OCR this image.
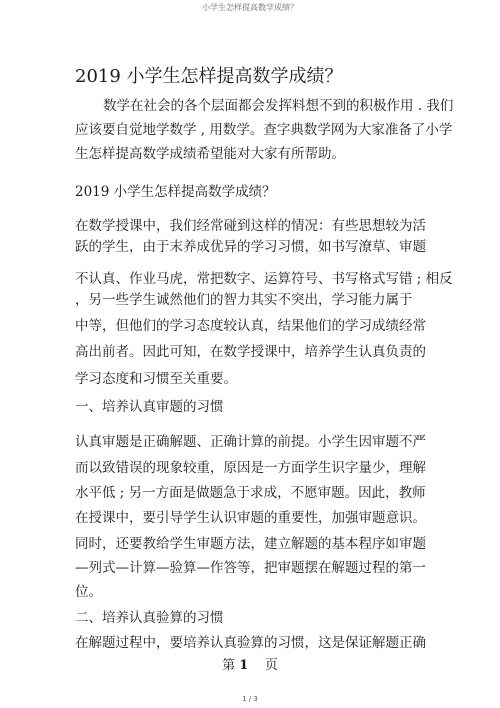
小学生怎样提高数学成绩？
2019 小学生怎样提高数学成绩？
数学在社会的各个层面都会发挥料想不到的积极作用 . 我们
应该要自觉地学数学 , 用数学。查字典数学网为大家准备了小学
生怎样提高数学成绩希望能对大家有所帮助。
2019 小学生怎样提高数学成绩？
在数学授课中，我们经常碰到这样的情况：有些思想较为活
跃的学生，由于末养成优异的学习习惯，如书写潦草、审题
不认真、作业马虎，常把数字、运算符号、书写格式写错 ; 相反
，另一些学生诚然他们的智力其实不突出，学习能力属于
中等，但他们的学习态度较认真，结果他们的学习成绩经常
高出前者。因此可知，在数学授课中，培养学生认真负责的
学习态度和习惯至关重要。
一、培养认真审题的习惯
认真审题是正确解题、正确计算的前提。小学生因审题不严
而以致错误的现象较重，原因是一方面学生识字量少，理解
水平低 ; 另一方面是做题急于求成，不愿审题。因此，教师
在授课中，要引导学生认识审题的重要性，加强审题意识。
同时，还要教给学生审题方法，建立解题的基本程序如审题
—列式—计算—验算—作答等，把审题摆在解题过程的第一
位。
二、培养认真验算的习惯
在解题过程中，要培养认真验算的习惯，这是保证解题正确
第 1 页
1 / 3
